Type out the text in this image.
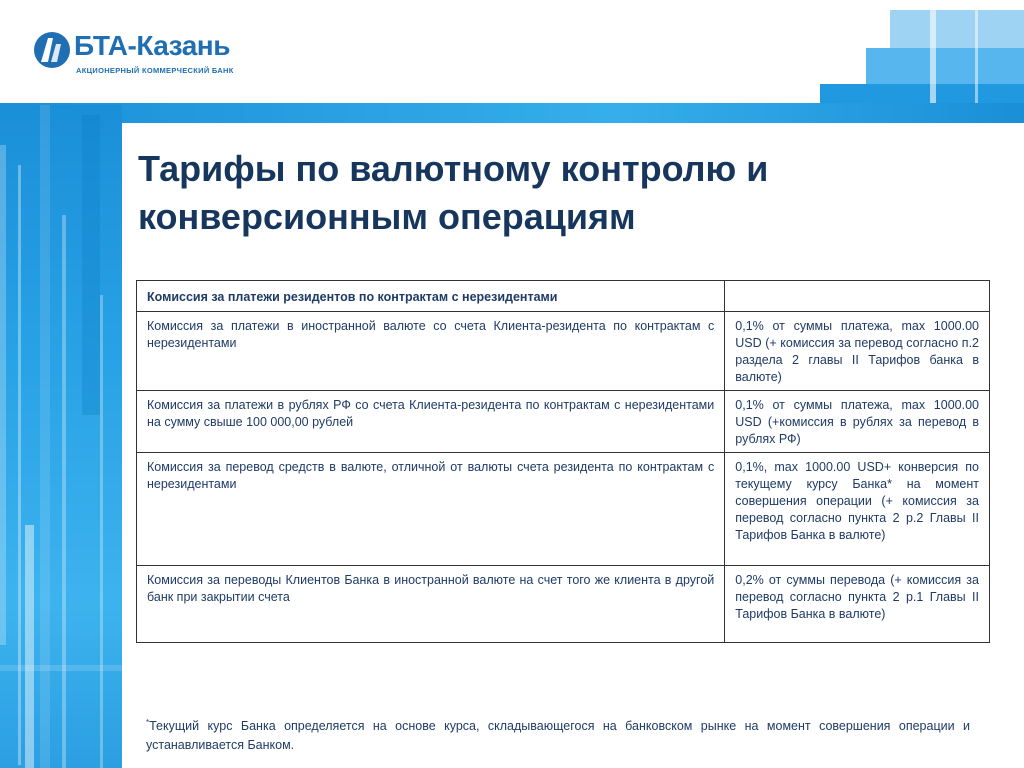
БТА-Казань
АКЦИОНЕРНЫЙ КОММЕРЧЕСКИЙ БАНК
Тарифы по валютному контролю и конверсионным операциям
Комиссия за платежи резидентов по контрактам с нерезидентами	
Комиссия за платежи в иностранной валюте со счета Клиента-резидента по контрактам с нерезидентами	0,1% от суммы платежа, max 1000.00 USD (+ комиссия за перевод согласно п.2 раздела 2 главы II Тарифов банка в валюте)
Комиссия за платежи в рублях РФ со счета Клиента-резидента по контрактам с нерезидентами на сумму свыше 100 000,00 рублей	0,1% от суммы платежа, max 1000.00 USD (+комиссия в рублях за перевод в рублях РФ)
Комиссия за перевод средств в валюте, отличной от валюты счета резидента по контрактам с нерезидентами	0,1%, max 1000.00 USD+ конверсия по текущему курсу Банка* на момент совершения операции (+ комиссия за перевод согласно пункта 2 р.2 Главы II Тарифов Банка в валюте)
Комиссия за переводы Клиентов Банка в иностранной валюте на счет того же клиента в другой банк при закрытии счета	0,2% от суммы перевода (+ комиссия за перевод согласно пункта 2 р.1 Главы II Тарифов Банка в валюте)
*Текущий курс Банка определяется на основе курса, складывающегося на банковском рынке на момент совершения операции и устанавливается Банком.
